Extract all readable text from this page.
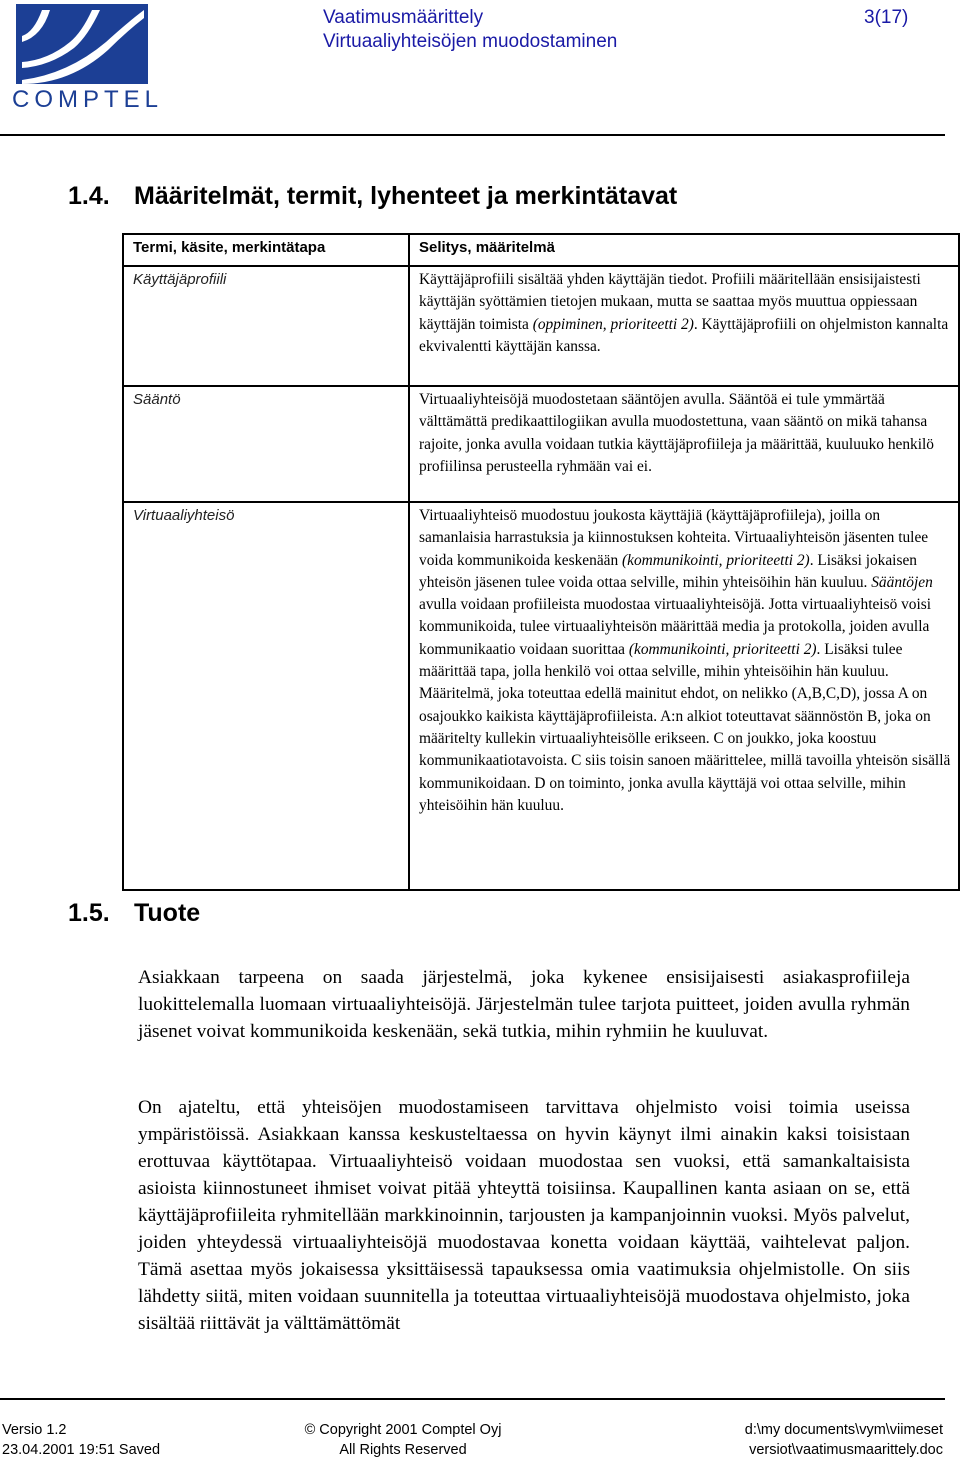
COMPTEL
Vaatimusmäärittely
Virtuaaliyhteisöjen muodostaminen
3(17)
1.4. Määritelmät, termit, lyhenteet ja merkintätavat
Termi, käsite, merkintätapa	Selitys, määritelmä
Käyttäjäprofiili	Käyttäjäprofiili sisältää yhden käyttäjän tiedot. Profiili määritellään ensisijaistesti käyttäjän syöttämien tietojen mukaan, mutta se saattaa myös muuttua oppiessaan käyttäjän toimista (oppiminen, prioriteetti 2). Käyttäjäprofiili on ohjelmiston kannalta ekvivalentti käyttäjän kanssa.
Sääntö	Virtuaaliyhteisöjä muodostetaan sääntöjen avulla. Sääntöä ei tule ymmärtää välttämättä predikaattilogiikan avulla muodostettuna, vaan sääntö on mikä tahansa rajoite, jonka avulla voidaan tutkia käyttäjäprofiileja ja määrittää, kuuluuko henkilö profiilinsa perusteella ryhmään vai ei.
Virtuaaliyhteisö	Virtuaaliyhteisö muodostuu joukosta käyttäjiä (käyttäjäprofiileja), joilla on samanlaisia harrastuksia ja kiinnostuksen kohteita. Virtuaaliyhteisön jäsenten tulee voida kommunikoida keskenään (kommunikointi, prioriteetti 2). Lisäksi jokaisen yhteisön jäsenen tulee voida ottaa selville, mihin yhteisöihin hän kuuluu. Sääntöjen avulla voidaan profiileista muodostaa virtuaaliyhteisöjä. Jotta virtuaaliyhteisö voisi kommunikoida, tulee virtuaaliyhteisön määrittää media ja protokolla, joiden avulla kommunikaatio voidaan suorittaa (kommunikointi, prioriteetti 2). Lisäksi tulee määrittää tapa, jolla henkilö voi ottaa selville, mihin yhteisöihin hän kuuluu. Määritelmä, joka toteuttaa edellä mainitut ehdot, on nelikko (A,B,C,D), jossa A on osajoukko kaikista käyttäjäprofiileista. A:n alkiot toteuttavat säännöstön B, joka on määritelty kullekin virtuaaliyhteisölle erikseen. C on joukko, joka koostuu kommunikaatiotavoista. C siis toisin sanoen määrittelee, millä tavoilla yhteisön sisällä kommunikoidaan. D on toiminto, jonka avulla käyttäjä voi ottaa selville, mihin yhteisöihin hän kuuluu.
1.5. Tuote
Asiakkaan tarpeena on saada järjestelmä, joka kykenee ensisijaisesti asiakasprofiileja luokittelemalla luomaan virtuaaliyhteisöjä. Järjestelmän tulee tarjota puitteet, joiden avulla ryhmän jäsenet voivat kommunikoida keskenään, sekä tutkia, mihin ryhmiin he kuuluvat.
On ajateltu, että yhteisöjen muodostamiseen tarvittava ohjelmisto voisi toimia useissa ympäristöissä. Asiakkaan kanssa keskusteltaessa on hyvin käynyt ilmi ainakin kaksi toisistaan erottuvaa käyttötapaa. Virtuaaliyhteisö voidaan muodostaa sen vuoksi, että samankaltaisista asioista kiinnostuneet ihmiset voivat pitää yhteyttä toisiinsa. Kaupallinen kanta asiaan on se, että käyttäjäprofiileita ryhmitellään markkinoinnin, tarjousten ja kampanjoinnin vuoksi. Myös palvelut, joiden yhteydessä virtuaaliyhteisöjä muodostavaa konetta voidaan käyttää, vaihtelevat paljon. Tämä asettaa myös jokaisessa yksittäisessä tapauksessa omia vaatimuksia ohjelmistolle. On siis lähdetty siitä, miten voidaan suunnitella ja toteuttaa virtuaaliyhteisöjä muodostava ohjelmisto, joka sisältää riittävät ja välttämättömät
Versio 1.2
23.04.2001 19:51 Saved
© Copyright 2001 Comptel Oyj
All Rights Reserved
d:\my documents\vym\viimeset
versiot\vaatimusmaarittely.doc
